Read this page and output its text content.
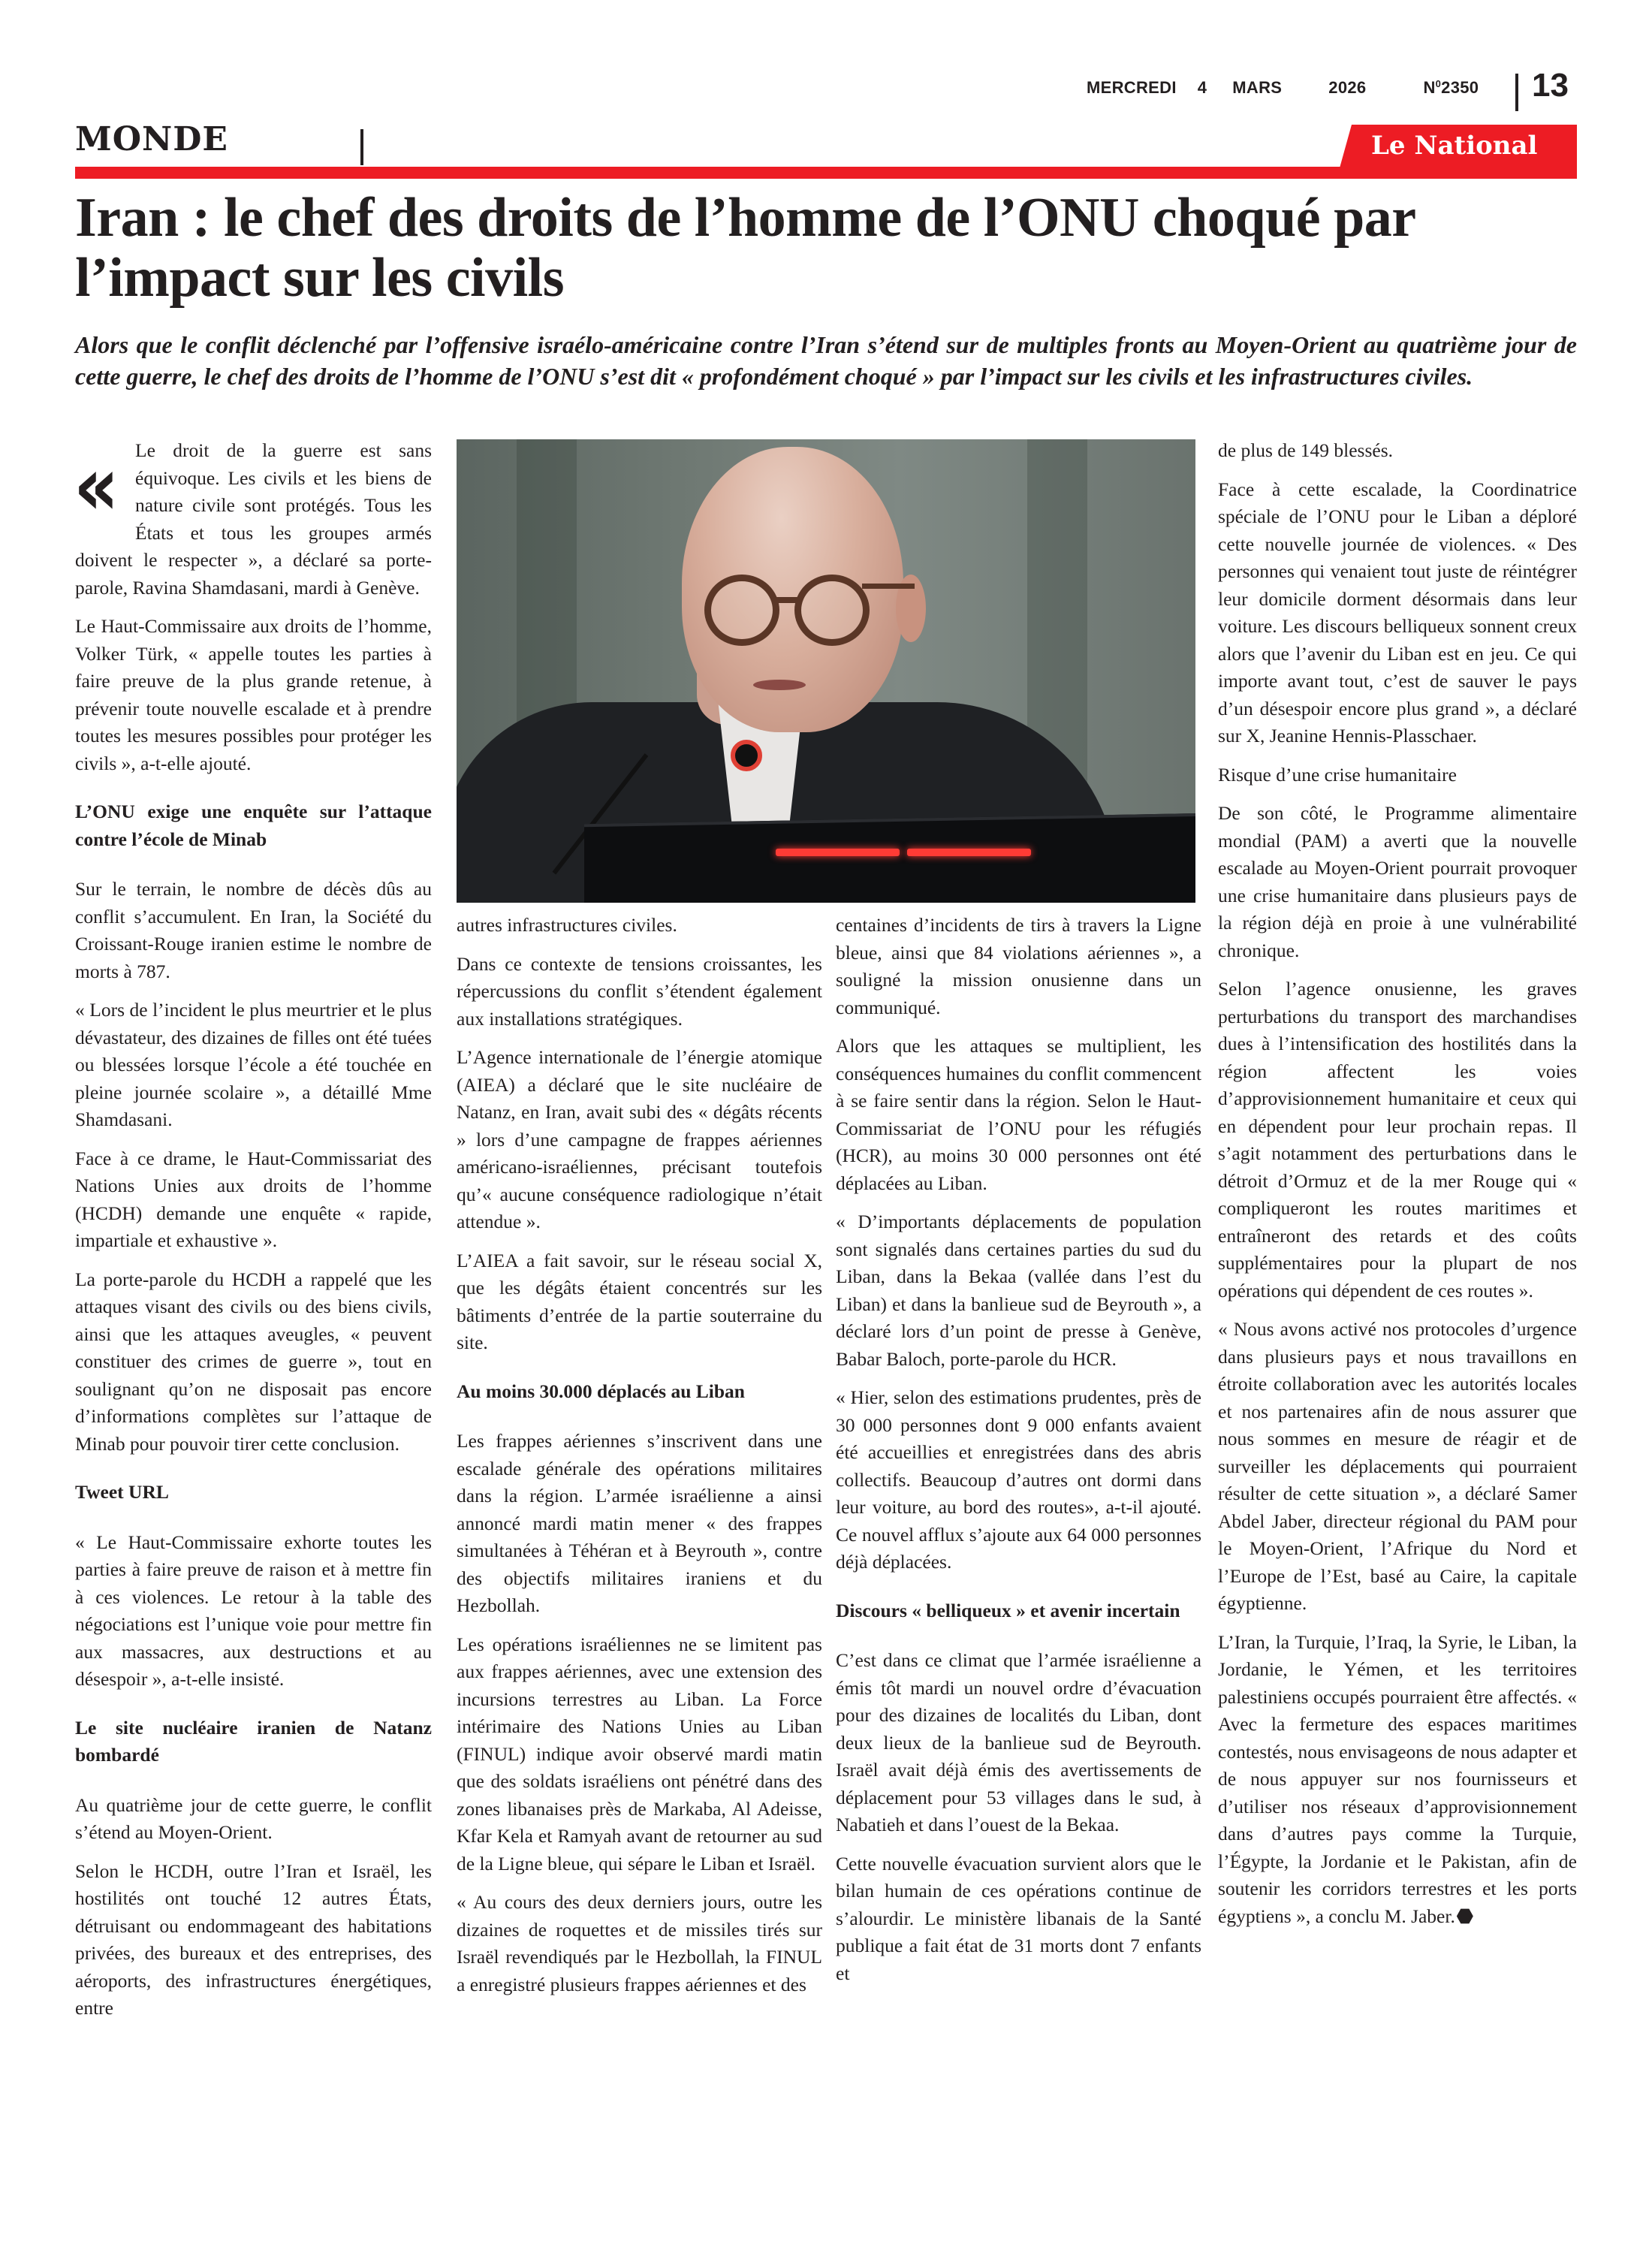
MERCREDI 4 MARS	2026	$N^02350$ 13
MONDE	Le National
Iran : le chef des droits de l’homme de l’ONU choqué par l’impact sur les civils

Alors que le conflit déclenché par l’offensive israélo-américaine contre l’Iran s’étend sur de multiples fronts au Moyen-Orient au quatrième jour de cette guerre, le chef des droits de l’homme de l’ONU s’est dit « profondément choqué » par l’impact sur les civils et les infrastructures civiles.

« Le droit de la guerre est sans équivoque. Les civils et les biens de nature civile sont protégés. Tous les États et tous les groupes armés doivent le respecter », a déclaré sa porte-parole, Ravina Shamdasani, mardi à Genève.

Le Haut-Commissaire aux droits de l’homme, Volker Türk, « appelle toutes les parties à faire preuve de la plus grande retenue, à prévenir toute nouvelle escalade et à prendre toutes les mesures possibles pour protéger les civils », a-t-elle ajouté.

L’ONU exige une enquête sur l’attaque contre l’école de Minab

Sur le terrain, le nombre de décès dûs au conflit s’accumulent. En Iran, la Société du Croissant-Rouge iranien estime le nombre de morts à 787.

« Lors de l’incident le plus meurtrier et le plus dévastateur, des dizaines de filles ont été tuées ou blessées lorsque l’école a été touchée en pleine journée scolaire », a détaillé Mme Shamdasani.

Face à ce drame, le Haut-Commissariat des Nations Unies aux droits de l’homme (HCDH) demande une enquête « rapide, impartiale et exhaustive ».

La porte-parole du HCDH a rappelé que les attaques visant des civils ou des biens civils, ainsi que les attaques aveugles, « peuvent constituer des crimes de guerre », tout en soulignant qu’on ne disposait pas encore d’informations complètes sur l’attaque de Minab pour pouvoir tirer cette conclusion.

Tweet URL

« Le Haut-Commissaire exhorte toutes les parties à faire preuve de raison et à mettre fin à ces violences. Le retour à la table des négociations est l’unique voie pour mettre fin aux massacres, aux destructions et au désespoir », a-t-elle insisté.

Le site nucléaire iranien de Natanz bombardé

Au quatrième jour de cette guerre, le conflit s’étend au Moyen-Orient.

Selon le HCDH, outre l’Iran et Israël, les hostilités ont touché 12 autres États, détruisant ou endommageant des habitations privées, des bureaux et des entreprises, des aéroports, des infrastructures énergétiques, entre

autres infrastructures civiles.

Dans ce contexte de tensions croissantes, les répercussions du conflit s’étendent également aux installations stratégiques.

L’Agence internationale de l’énergie atomique (AIEA) a déclaré que le site nucléaire de Natanz, en Iran, avait subi des « dégâts récents » lors d’une campagne de frappes aériennes américano-israéliennes, précisant toutefois qu’« aucune conséquence radiologique n’était attendue ».

L’AIEA a fait savoir, sur le réseau social X, que les dégâts étaient concentrés sur les bâtiments d’entrée de la partie souterraine du site.

Au moins 30.000 déplacés au Liban

Les frappes aériennes s’inscrivent dans une escalade générale des opérations militaires dans la région. L’armée israélienne a ainsi annoncé mardi matin mener « des frappes simultanées à Téhéran et à Beyrouth », contre des objectifs militaires iraniens et du Hezbollah.

Les opérations israéliennes ne se limitent pas aux frappes aériennes, avec une extension des incursions terrestres au Liban. La Force intérimaire des Nations Unies au Liban (FINUL) indique avoir observé mardi matin que des soldats israéliens ont pénétré dans des zones libanaises près de Markaba, Al Adeisse, Kfar Kela et Ramyah avant de retourner au sud de la Ligne bleue, qui sépare le Liban et Israël.

« Au cours des deux derniers jours, outre les dizaines de roquettes et de missiles tirés sur Israël revendiqués par le Hezbollah, la FINUL a enregistré plusieurs frappes aériennes et des

centaines d’incidents de tirs à travers la Ligne bleue, ainsi que 84 violations aériennes », a souligné la mission onusienne dans un communiqué.

Alors que les attaques se multiplient, les conséquences humaines du conflit commencent à se faire sentir dans la région. Selon le Haut-Commissariat de l’ONU pour les réfugiés (HCR), au moins 30 000 personnes ont été déplacées au Liban.

« D’importants déplacements de population sont signalés dans certaines parties du sud du Liban, dans la Bekaa (vallée dans l’est du Liban) et dans la banlieue sud de Beyrouth », a déclaré lors d’un point de presse à Genève, Babar Baloch, porte-parole du HCR.

« Hier, selon des estimations prudentes, près de 30 000 personnes dont 9 000 enfants avaient été accueillies et enregistrées dans des abris collectifs. Beaucoup d’autres ont dormi dans leur voiture, au bord des routes», a-t-il ajouté. Ce nouvel afflux s’ajoute aux 64 000 personnes déjà déplacées.

Discours « belliqueux » et avenir incertain

C’est dans ce climat que l’armée israélienne a émis tôt mardi un nouvel ordre d’évacuation pour des dizaines de localités du Liban, dont deux lieux de la banlieue sud de Beyrouth. Israël avait déjà émis des avertissements de déplacement pour 53 villages dans le sud, à Nabatieh et dans l’ouest de la Bekaa.

Cette nouvelle évacuation survient alors que le bilan humain de ces opérations continue de s’alourdir. Le ministère libanais de la Santé publique a fait état de 31 morts dont 7 enfants et

de plus de 149 blessés.

Face à cette escalade, la Coordinatrice spéciale de l’ONU pour le Liban a déploré cette nouvelle journée de violences. « Des personnes qui venaient tout juste de réintégrer leur domicile dorment désormais dans leur voiture. Les discours belliqueux sonnent creux alors que l’avenir du Liban est en jeu. Ce qui importe avant tout, c’est de sauver le pays d’un désespoir encore plus grand », a déclaré sur X, Jeanine Hennis-Plasschaer.

Risque d’une crise humanitaire

De son côté, le Programme alimentaire mondial (PAM) a averti que la nouvelle escalade au Moyen-Orient pourrait provoquer une crise humanitaire dans plusieurs pays de la région déjà en proie à une vulnérabilité chronique.

Selon l’agence onusienne, les graves perturbations du transport des marchandises dues à l’intensification des hostilités dans la région affectent les voies d’approvisionnement humanitaire et ceux qui en dépendent pour leur prochain repas. Il s’agit notamment des perturbations dans le détroit d’Ormuz et de la mer Rouge qui « compliqueront les routes maritimes et entraîneront des retards et des coûts supplémentaires pour la plupart de nos opérations qui dépendent de ces routes ».

« Nous avons activé nos protocoles d’urgence dans plusieurs pays et nous travaillons en étroite collaboration avec les autorités locales et nos partenaires afin de nous assurer que nous sommes en mesure de réagir et de surveiller les déplacements qui pourraient résulter de cette situation », a déclaré Samer Abdel Jaber, directeur régional du PAM pour le Moyen-Orient, l’Afrique du Nord et l’Europe de l’Est, basé au Caire, la capitale égyptienne.

L’Iran, la Turquie, l’Iraq, la Syrie, le Liban, la Jordanie, le Yémen, et les territoires palestiniens occupés pourraient être affectés. « Avec la fermeture des espaces maritimes contestés, nous envisageons de nous adapter et de nous appuyer sur nos fournisseurs et d’utiliser nos réseaux d’approvisionnement dans d’autres pays comme la Turquie, l’Égypte, la Jordanie et le Pakistan, afin de soutenir les corridors terrestres et les ports égyptiens », a conclu M. Jaber.
